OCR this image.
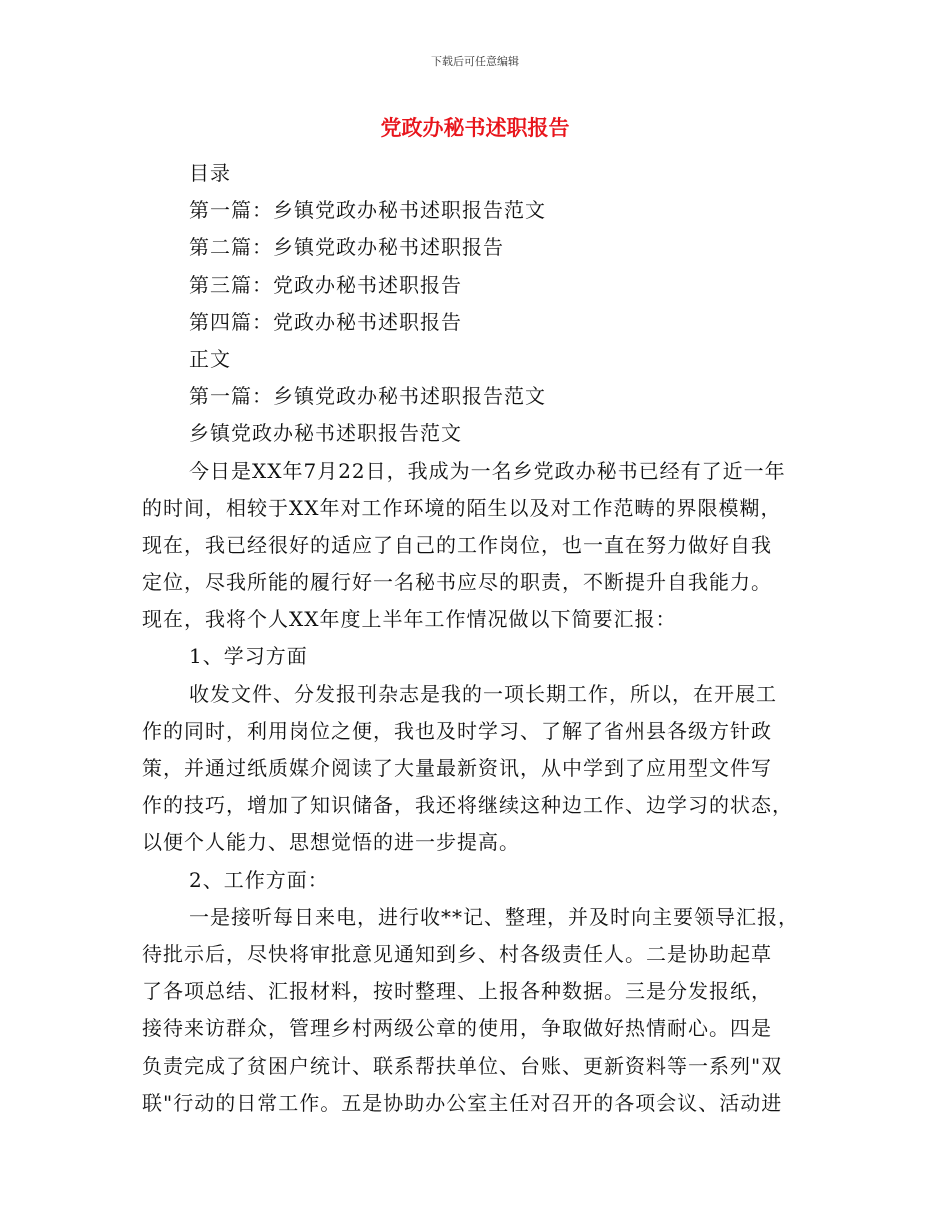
下载后可任意编辑
党政办秘书述职报告

目录

第一篇：乡镇党政办秘书述职报告范文

第二篇：乡镇党政办秘书述职报告

第三篇：党政办秘书述职报告

第四篇：党政办秘书述职报告

正文

第一篇：乡镇党政办秘书述职报告范文

乡镇党政办秘书述职报告范文

今日是XX年7月22日，我成为一名乡党政办秘书已经有了近一年

的时间，相较于XX年对工作环境的陌生以及对工作范畴的界限模糊，

现在，我已经很好的适应了自己的工作岗位，也一直在努力做好自我

定位，尽我所能的履行好一名秘书应尽的职责，不断提升自我能力。

现在，我将个人XX年度上半年工作情况做以下简要汇报：

1、学习方面

收发文件、分发报刊杂志是我的一项长期工作，所以，在开展工

作的同时，利用岗位之便，我也及时学习、了解了省州县各级方针政

策，并通过纸质媒介阅读了大量最新资讯，从中学到了应用型文件写

作的技巧，增加了知识储备，我还将继续这种边工作、边学习的状态，

以便个人能力、思想觉悟的进一步提高。

2、工作方面：

一是接听每日来电，进行收**记、整理，并及时向主要领导汇报，

待批示后，尽快将审批意见通知到乡、村各级责任人。二是协助起草

了各项总结、汇报材料，按时整理、上报各种数据。三是分发报纸，

接待来访群众，管理乡村两级公章的使用，争取做好热情耐心。四是

负责完成了贫困户统计、联系帮扶单位、台账、更新资料等一系列"双

联"行动的日常工作。五是协助办公室主任对召开的各项会议、活动进
